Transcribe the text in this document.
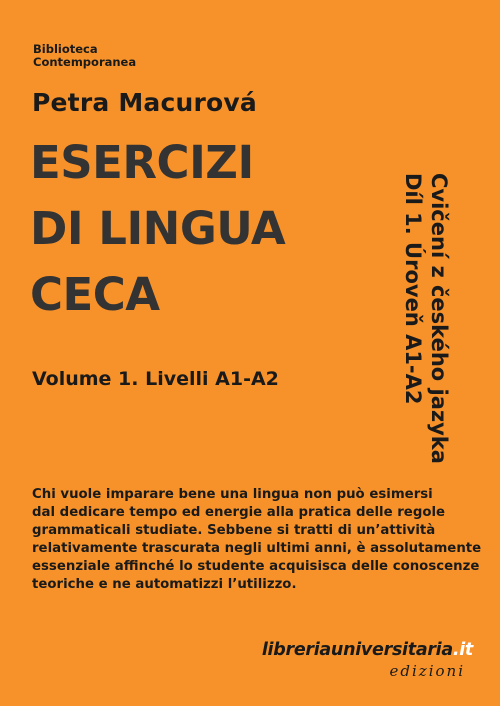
Biblioteca
Contemporanea
Petra Macurová
ESERCIZI
DI LINGUA
CECA
Volume 1. Livelli A1-A2	Cvičení z českého jazyka
Díl 1. Úroveň A1-A2
Chi vuole imparare bene una lingua non può esimersi
dal dedicare tempo ed energie alla pratica delle regole
grammaticali studiate. Sebbene si tratti di un’attività
relativamente trascurata negli ultimi anni, è assolutamente
essenziale affinché lo studente acquisisca delle conoscenze
teoriche e ne automatizzi l’utilizzo.
libreriauniversitaria.it
edizioni
